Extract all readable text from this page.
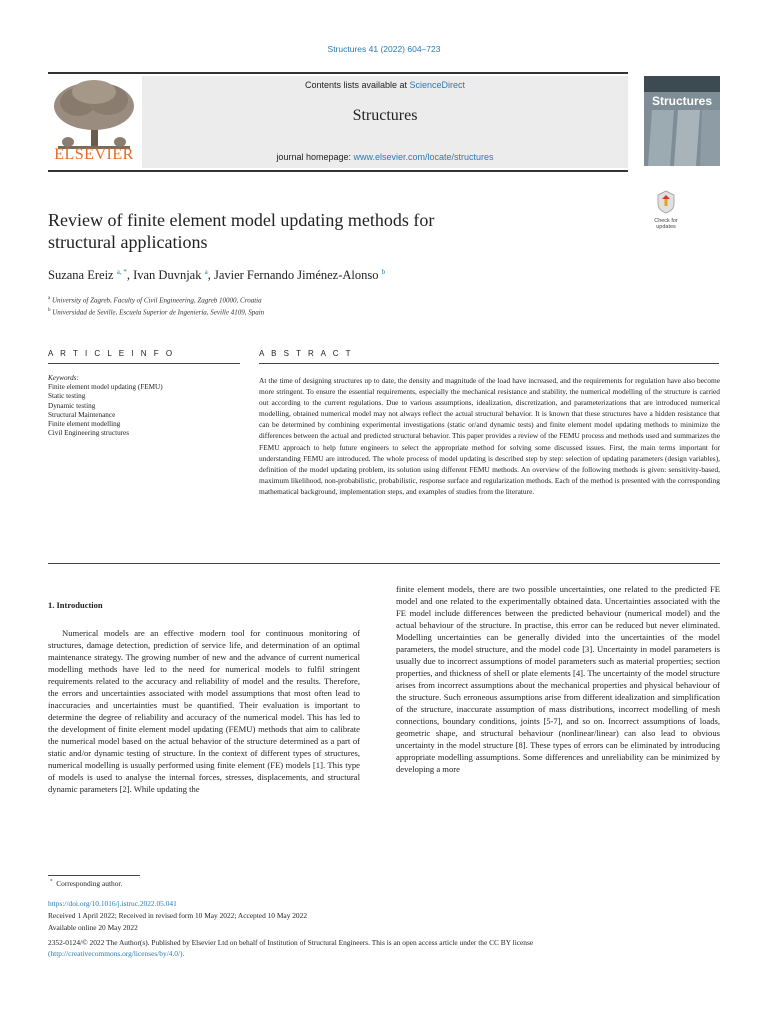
Structures 41 (2022) 604–723
ELSEVIER
Contents lists available at ScienceDirect
Structures
journal homepage: www.elsevier.com/locate/structures
Structures
Check for updates
Review of finite element model updating methods for
structural applications
Suzana Ereiz $^{a, *}$, Ivan Duvnjak $^a$, Javier Fernando Jiménez-Alonso $^b$
$^a$ University of Zagreb, Faculty of Civil Engineering, Zagreb 10000, Croatia
$^b$ Universidad de Seville, Escuela Superior de Ingeniería, Seville 4109, Spain
A R T I C L E I N F O	A B S T R A C T
Keywords:
Finite element model updating (FEMU)
Static testing
Dynamic testing
Structural Maintenance
Finite element modelling
Civil Engineering structures
At the time of designing structures up to date, the density and magnitude of the load have increased, and the requirements for regulation have also become more stringent. To ensure the essential requirements, especially the mechanical resistance and stability, the numerical modelling of the structure is carried out according to the current regulations. Due to various assumptions, idealization, discretization, and parameterizations that are introduced numerical modelling, obtained numerical model may not always reflect the actual structural behavior. It is known that these structures have a hidden resistance that can be determined by combining experimental investigations (static or/and dynamic tests) and finite element model updating methods to minimize the differences between the actual and predicted structural behavior. This paper provides a review of the FEMU process and methods used and summarizes the FEMU approach to help future engineers to select the appropriate method for solving some discussed issues. First, the main terms important for understanding FEMU are introduced. The whole process of model updating is described step by step: selection of updating parameters (design variables), definition of the model updating problem, its solution using different FEMU methods. An overview of the following methods is given: sensitivity-based, maximum likelihood, non-probabilistic, probabilistic, response surface and regularization methods. Each of the method is presented with the corresponding mathematical background, implementation steps, and examples of studies from the literature.
1. Introduction
Numerical models are an effective modern tool for continuous monitoring of structures, damage detection, prediction of service life, and determination of an optimal maintenance strategy. The growing number of new and the advance of current numerical modelling methods have led to the need for numerical models to fulfil stringent requirements related to the accuracy and reliability of model and the results. Therefore, the errors and uncertainties associated with model assumptions that most often lead to inaccuracies and uncertainties must be quantified. Their evaluation is important to determine the degree of reliability and accuracy of the numerical model. This has led to the development of finite element model updating (FEMU) methods that aim to calibrate the numerical model based on the actual behavior of the structure determined as a part of static and/or dynamic testing of structure. In the context of different types of structures, numerical modelling is usually performed using finite element (FE) models [1]. This type of models is used to analyse the internal forces, stresses, displacements, and structural dynamic parameters [2]. While updating the
finite element models, there are two possible uncertainties, one related to the predicted FE model and one related to the experimentally obtained data. Uncertainties associated with the FE model include differences between the predicted behaviour (numerical model) and the actual behaviour of the structure. In practise, this error can be reduced but never eliminated. Modelling uncertainties can be generally divided into the uncertainties of the model parameters, the model structure, and the model code [3]. Uncertainty in model parameters is usually due to incorrect assumptions of model parameters such as material properties; section properties, and thickness of shell or plate elements [4]. The uncertainty of the model structure arises from incorrect assumptions about the mechanical properties and physical behaviour of the structure. Such erroneous assumptions arise from different idealization and simplification of the structure, inaccurate assumption of mass distributions, incorrect modelling of mesh connections, boundary conditions, joints [5-7], and so on. Incorrect assumptions of loads, geometric shape, and structural behaviour (nonlinear/linear) can also lead to obvious uncertainty in the model structure [8]. These types of errors can be eliminated by introducing appropriate modelling assumptions. Some differences and unreliability can be minimized by developing a more
* Corresponding author.
https://doi.org/10.1016/j.istruc.2022.05.041
Received 1 April 2022; Received in revised form 10 May 2022; Accepted 10 May 2022
Available online 20 May 2022
2352-0124/© 2022 The Author(s). Published by Elsevier Ltd on behalf of Institution of Structural Engineers. This is an open access article under the CC BY license
(http://creativecommons.org/licenses/by/4.0/).
